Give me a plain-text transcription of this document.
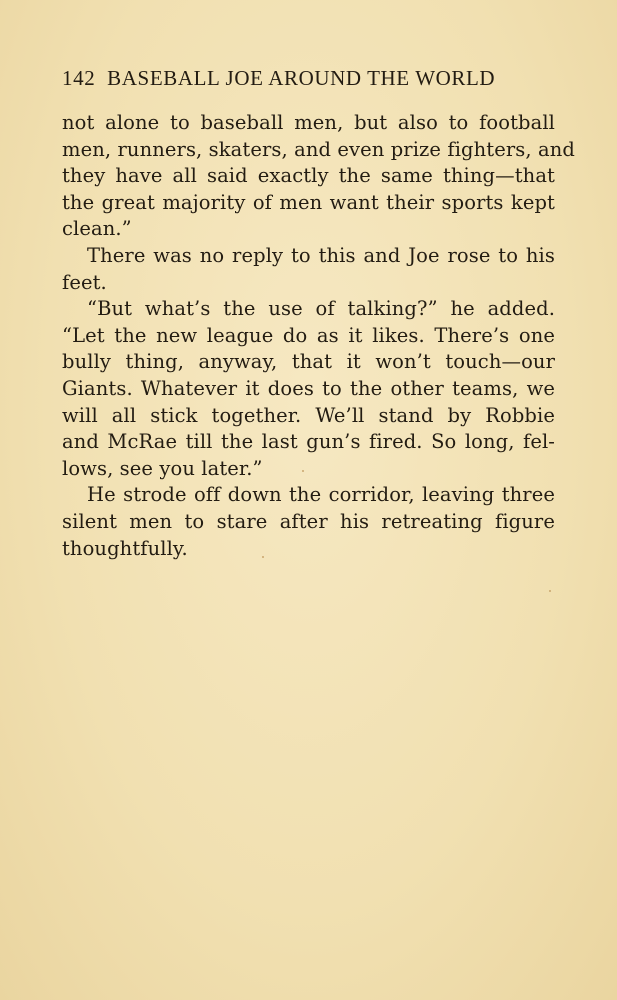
142 BASEBALL JOE AROUND THE WORLD
not alone to baseball men, but also to football
men, runners, skaters, and even prize fighters, and
they have all said exactly the same thing—that
the great majority of men want their sports kept
clean.”
There was no reply to this and Joe rose to his
feet.
“But what’s the use of talking?” he added.
“Let the new league do as it likes. There’s one
bully thing, anyway, that it won’t touch—our
Giants. Whatever it does to the other teams, we
will all stick together. We’ll stand by Robbie
and McRae till the last gun’s fired. So long, fel-
lows, see you later.”
He strode off down the corridor, leaving three
silent men to stare after his retreating figure
thoughtfully.
